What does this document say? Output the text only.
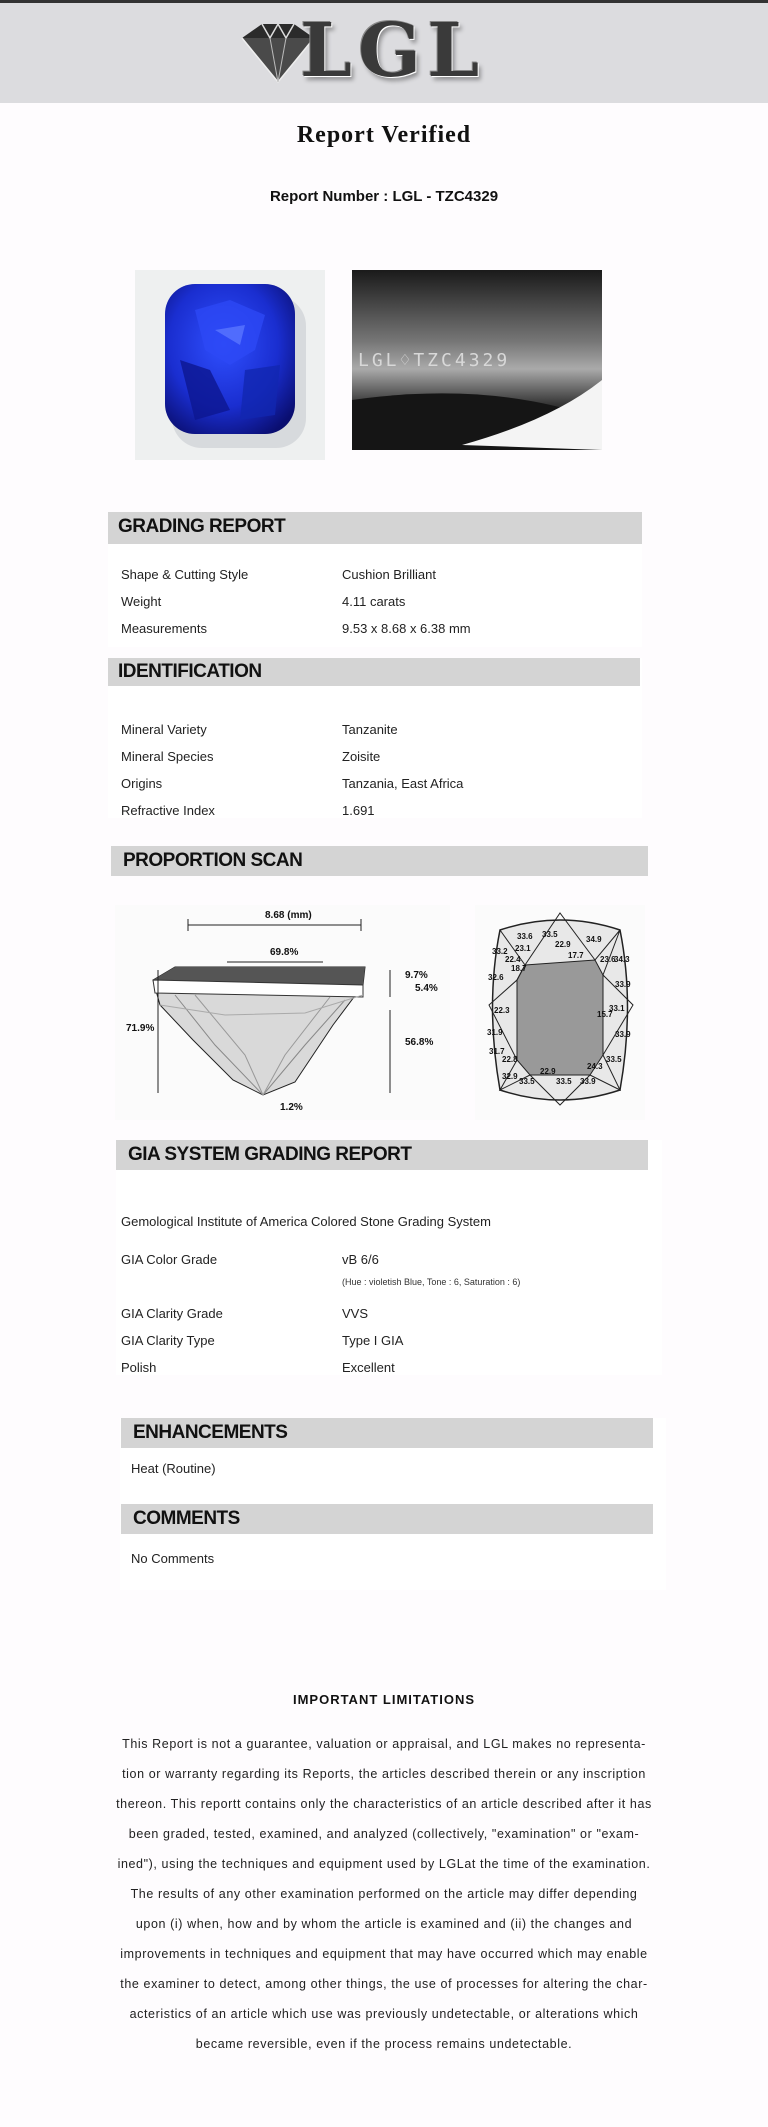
LGL
Report Verified
Report Number : LGL - TZC4329
LGL♢TZC4329
GRADING REPORT
Shape & Cutting Style	Cushion Brilliant
Weight	4.11 carats
Measurements	9.53 x 8.68 x 6.38 mm
IDENTIFICATION
Mineral Variety	Tanzanite
Mineral Species	Zoisite
Origins	Tanzania, East Africa
Refractive Index	1.691
PROPORTION SCAN
8.68 (mm)
69.8%
71.9%
9.7%
5.4%
56.8%
1.2%
33.6 33.5
34.9
22.9
33.2 23.1
17.7 23.6
34.3
22.4
18.7
33.9
32.6
22.3	15.7
33.1
31.9	33.9
31.7
22.8
22.9
33.5
24.3
32.9
33.5	33.5 33.9
GIA SYSTEM GRADING REPORT
Gemological Institute of America Colored Stone Grading System
GIA Color Grade	vB 6/6
(Hue : violetish Blue, Tone : 6, Saturation : 6)
GIA Clarity Grade	VVS
GIA Clarity Type	Type I GIA
Polish	Excellent
ENHANCEMENTS
Heat (Routine)
COMMENTS
No Comments
IMPORTANT LIMITATIONS
This Report is not a guarantee, valuation or appraisal, and LGL makes no representa-
tion or warranty regarding its Reports, the articles described therein or any inscription
thereon. This reportt contains only the characteristics of an article described after it has
been graded, tested, examined, and analyzed (collectively, "examination" or "exam-
ined"), using the techniques and equipment used by LGLat the time of the examination.
The results of any other examination performed on the article may differ depending
upon (i) when, how and by whom the article is examined and (ii) the changes and
improvements in techniques and equipment that may have occurred which may enable
the examiner to detect, among other things, the use of processes for altering the char-
acteristics of an article which use was previously undetectable, or alterations which
became reversible, even if the process remains undetectable.
